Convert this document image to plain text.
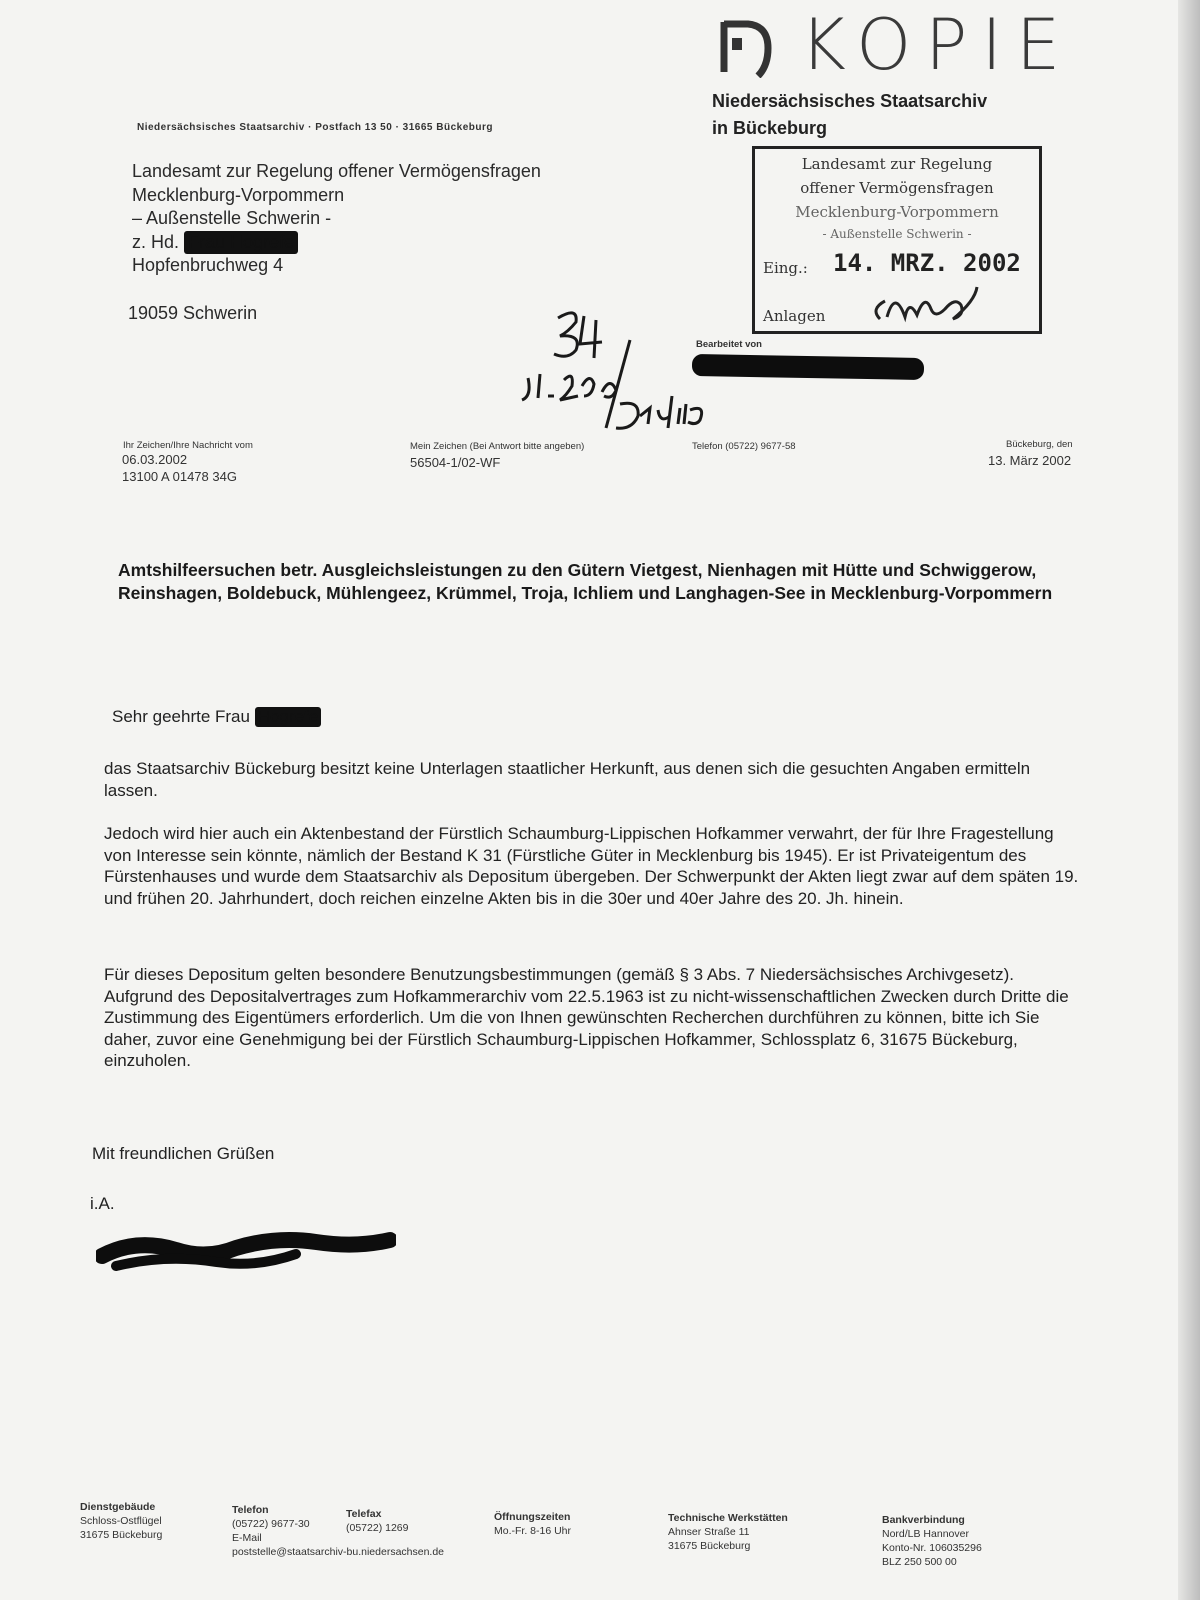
KOPIE
Niedersächsisches Staatsarchiv
in Bückeburg
Niedersächsisches Staatsarchiv · Postfach 13 50 · 31665 Bückeburg
Landesamt zur Regelung offener Vermögensfragen
Mecklenburg-Vorpommern
– Außenstelle Schwerin -
z. Hd. Frau Hogrefe
Hopfenbruchweg 4
19059 Schwerin
Landesamt zur Regelung
offener Vermögensfragen
Mecklenburg-Vorpommern
- Außenstelle Schwerin -
Eing.: 14. MRZ. 2002
Anlagen
Bearbeitet von
Ihr Zeichen/Ihre Nachricht vom
06.03.2002
13100 A 01478 34G
Mein Zeichen (Bei Antwort bitte angeben)
56504-1/02-WF
Telefon (05722) 9677-58	Bückeburg, den
13. März 2002
Amtshilfeersuchen betr. Ausgleichsleistungen zu den Gütern Vietgest, Nienhagen mit Hütte und Schwiggerow, Reinshagen, Boldebuck, Mühlengeez, Krümmel, Troja, Ichliem und Langhagen-See in Mecklenburg-Vorpommern
Sehr geehrte Frau Hogrefe
das Staatsarchiv Bückeburg besitzt keine Unterlagen staatlicher Herkunft, aus denen sich die gesuchten Angaben ermitteln lassen.
Jedoch wird hier auch ein Aktenbestand der Fürstlich Schaumburg-Lippischen Hofkammer verwahrt, der für Ihre Fragestellung von Interesse sein könnte, nämlich der Bestand K 31 (Fürstliche Güter in Mecklenburg bis 1945). Er ist Privateigentum des Fürstenhauses und wurde dem Staatsarchiv als Depositum übergeben. Der Schwerpunkt der Akten liegt zwar auf dem späten 19. und frühen 20. Jahrhundert, doch reichen einzelne Akten bis in die 30er und 40er Jahre des 20. Jh. hinein.
Für dieses Depositum gelten besondere Benutzungsbestimmungen (gemäß § 3 Abs. 7 Niedersächsisches Archivgesetz). Aufgrund des Depositalvertrages zum Hofkammerarchiv vom 22.5.1963 ist zu nicht-wissenschaftlichen Zwecken durch Dritte die Zustimmung des Eigentümers erforderlich. Um die von Ihnen gewünschten Recherchen durchführen zu können, bitte ich Sie daher, zuvor eine Genehmigung bei der Fürstlich Schaumburg-Lippischen Hofkammer, Schlossplatz 6, 31675 Bückeburg, einzuholen.
Mit freundlichen Grüßen
i.A.
Dienstgebäude
Schloss-Ostflügel
31675 Bückeburg
Telefon
(05722) 9677-30
E-Mail
poststelle@staatsarchiv-bu.niedersachsen.de
Telefax
(05722) 1269
Öffnungszeiten
Mo.-Fr. 8-16 Uhr
Technische Werkstätten
Ahnser Straße 11
31675 Bückeburg
Bankverbindung
Nord/LB Hannover
Konto-Nr. 106035296
BLZ 250 500 00
